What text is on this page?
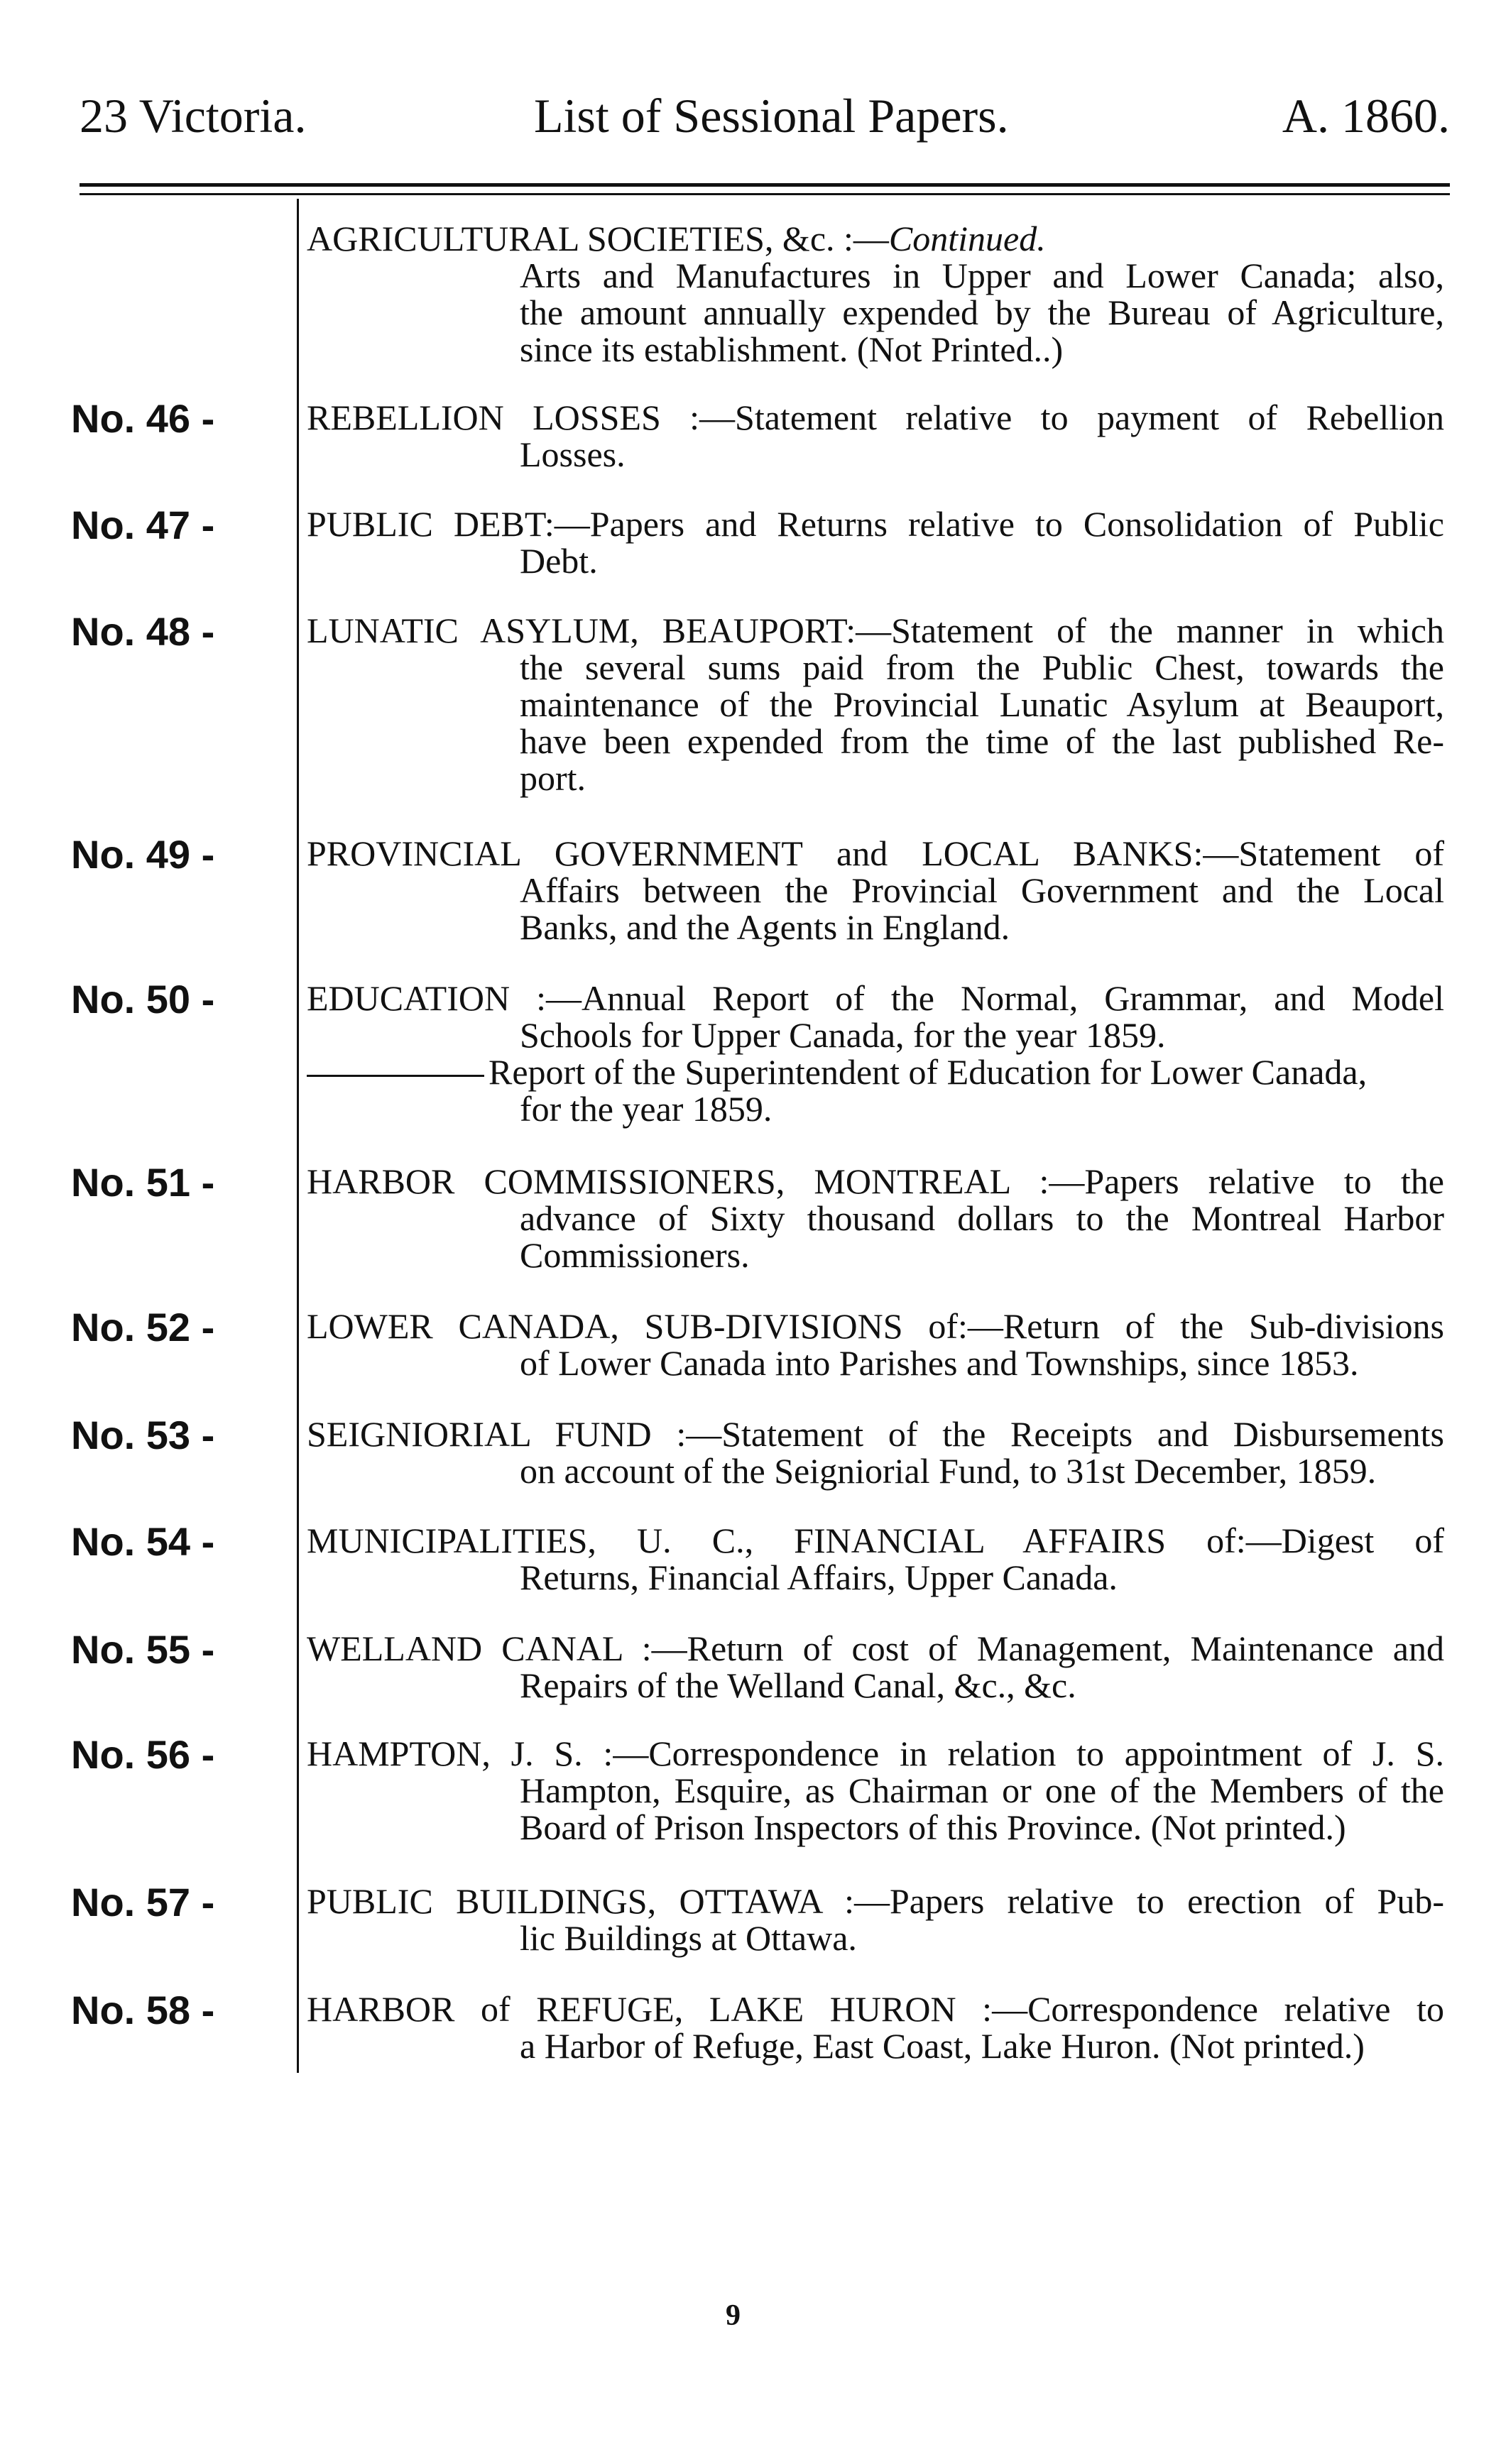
23 Victoria.	List of Sessional Papers.	A. 1860.
AGRICULTURAL SOCIETIES, &c. :—Continued.
Arts and Manufactures in Upper and Lower Canada; also,
the amount annually expended by the Bureau of Agriculture,
since its establishment. (Not Printed..)
No. 46 -	REBELLION LOSSES :—Statement relative to payment of Rebellion
Losses.
No. 47 -	PUBLIC DEBT:—Papers and Returns relative to Consolidation of Public
Debt.
No. 48 -	LUNATIC ASYLUM, BEAUPORT:—Statement of the manner in which
the several sums paid from the Public Chest, towards the
maintenance of the Provincial Lunatic Asylum at Beauport,
have been expended from the time of the last published Re-
port.
No. 49 -	PROVINCIAL GOVERNMENT and LOCAL BANKS:—Statement of
Affairs between the Provincial Government and the Local
Banks, and the Agents in England.
No. 50 -	EDUCATION :—Annual Report of the Normal, Grammar, and Model
Schools for Upper Canada, for the year 1859.
Report of the Superintendent of Education for Lower Canada,
for the year 1859.
No. 51 -	HARBOR COMMISSIONERS, MONTREAL :—Papers relative to the
advance of Sixty thousand dollars to the Montreal Harbor
Commissioners.
No. 52 -	LOWER CANADA, SUB-DIVISIONS of:—Return of the Sub-divisions
of Lower Canada into Parishes and Townships, since 1853.
No. 53 -	SEIGNIORIAL FUND :—Statement of the Receipts and Disbursements
on account of the Seigniorial Fund, to 31st December, 1859.
No. 54 -	MUNICIPALITIES, U. C., FINANCIAL AFFAIRS of:—Digest of
Returns, Financial Affairs, Upper Canada.
No. 55 -	WELLAND CANAL :—Return of cost of Management, Maintenance and
Repairs of the Welland Canal, &c., &c.
No. 56 -	HAMPTON, J. S. :—Correspondence in relation to appointment of J. S.
Hampton, Esquire, as Chairman or one of the Members of the
Board of Prison Inspectors of this Province. (Not printed.)
No. 57 -	PUBLIC BUILDINGS, OTTAWA :—Papers relative to erection of Pub-
lic Buildings at Ottawa.
No. 58 -	HARBOR of REFUGE, LAKE HURON :—Correspondence relative to
a Harbor of Refuge, East Coast, Lake Huron. (Not printed.)
9
